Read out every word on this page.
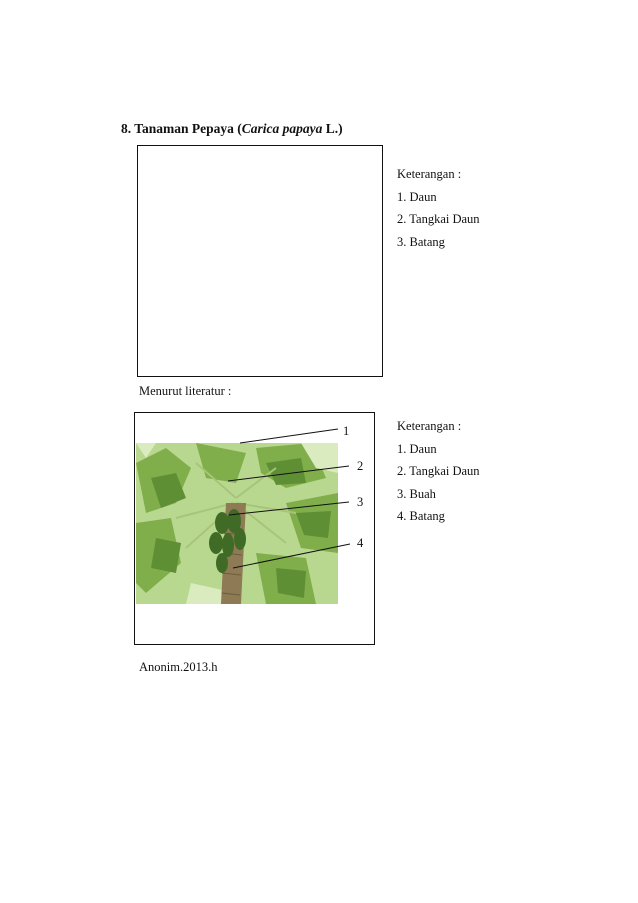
8. Tanaman Pepaya (Carica papaya L.)
Keterangan :
1. Daun
2. Tangkai Daun
3. Batang
Menurut literatur :
1
2
3
4
Keterangan :
1. Daun
2. Tangkai Daun
3. Buah
4. Batang
Anonim.2013.h
